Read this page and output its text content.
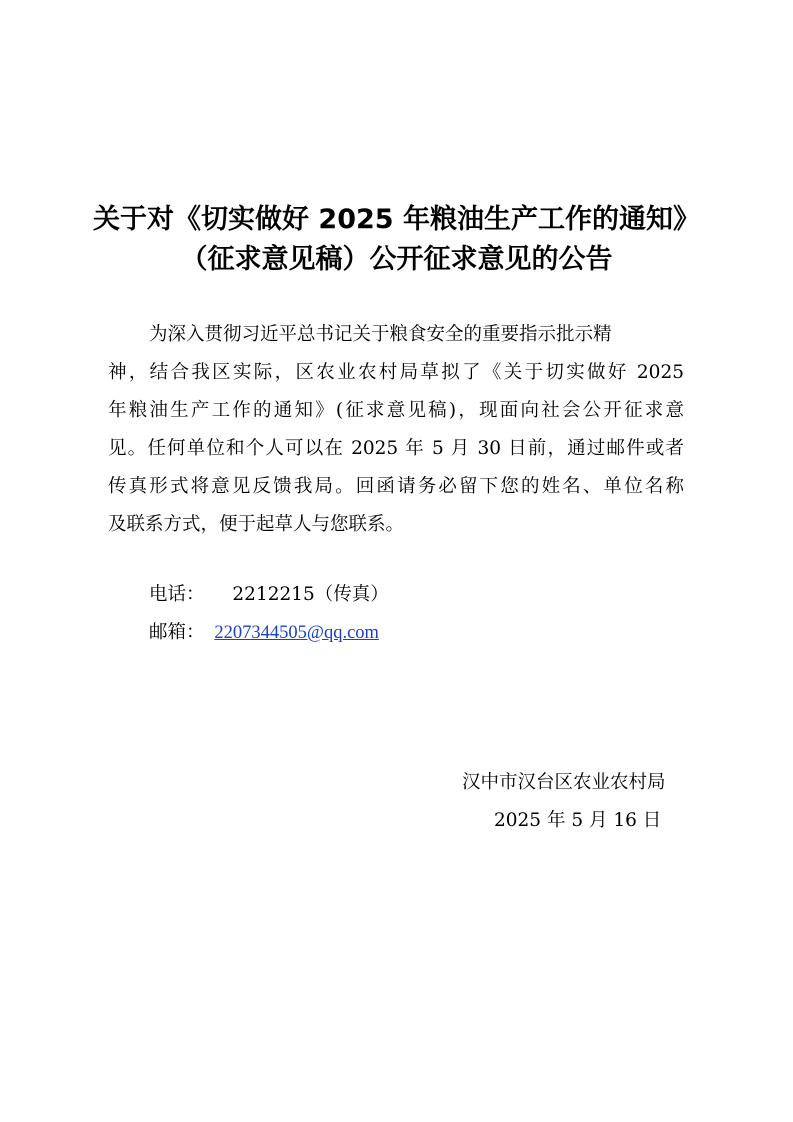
关于对《切实做好 2025 年粮油生产工作的通知》
（征求意见稿）公开征求意见的公告
为深入贯彻习近平总书记关于粮食安全的重要指示批示精
神，结合我区实际，区农业农村局草拟了《关于切实做好 2025
年粮油生产工作的通知》(征求意见稿)，现面向社会公开征求意
见。任何单位和个人可以在 2025 年 5 月 30 日前，通过邮件或者
传真形式将意见反馈我局。回函请务必留下您的姓名、单位名称
及联系方式，便于起草人与您联系。
电话： 2212215（传真）
邮箱： 2207344505@qq.com
汉中市汉台区农业农村局
2025 年 5 月 16 日
